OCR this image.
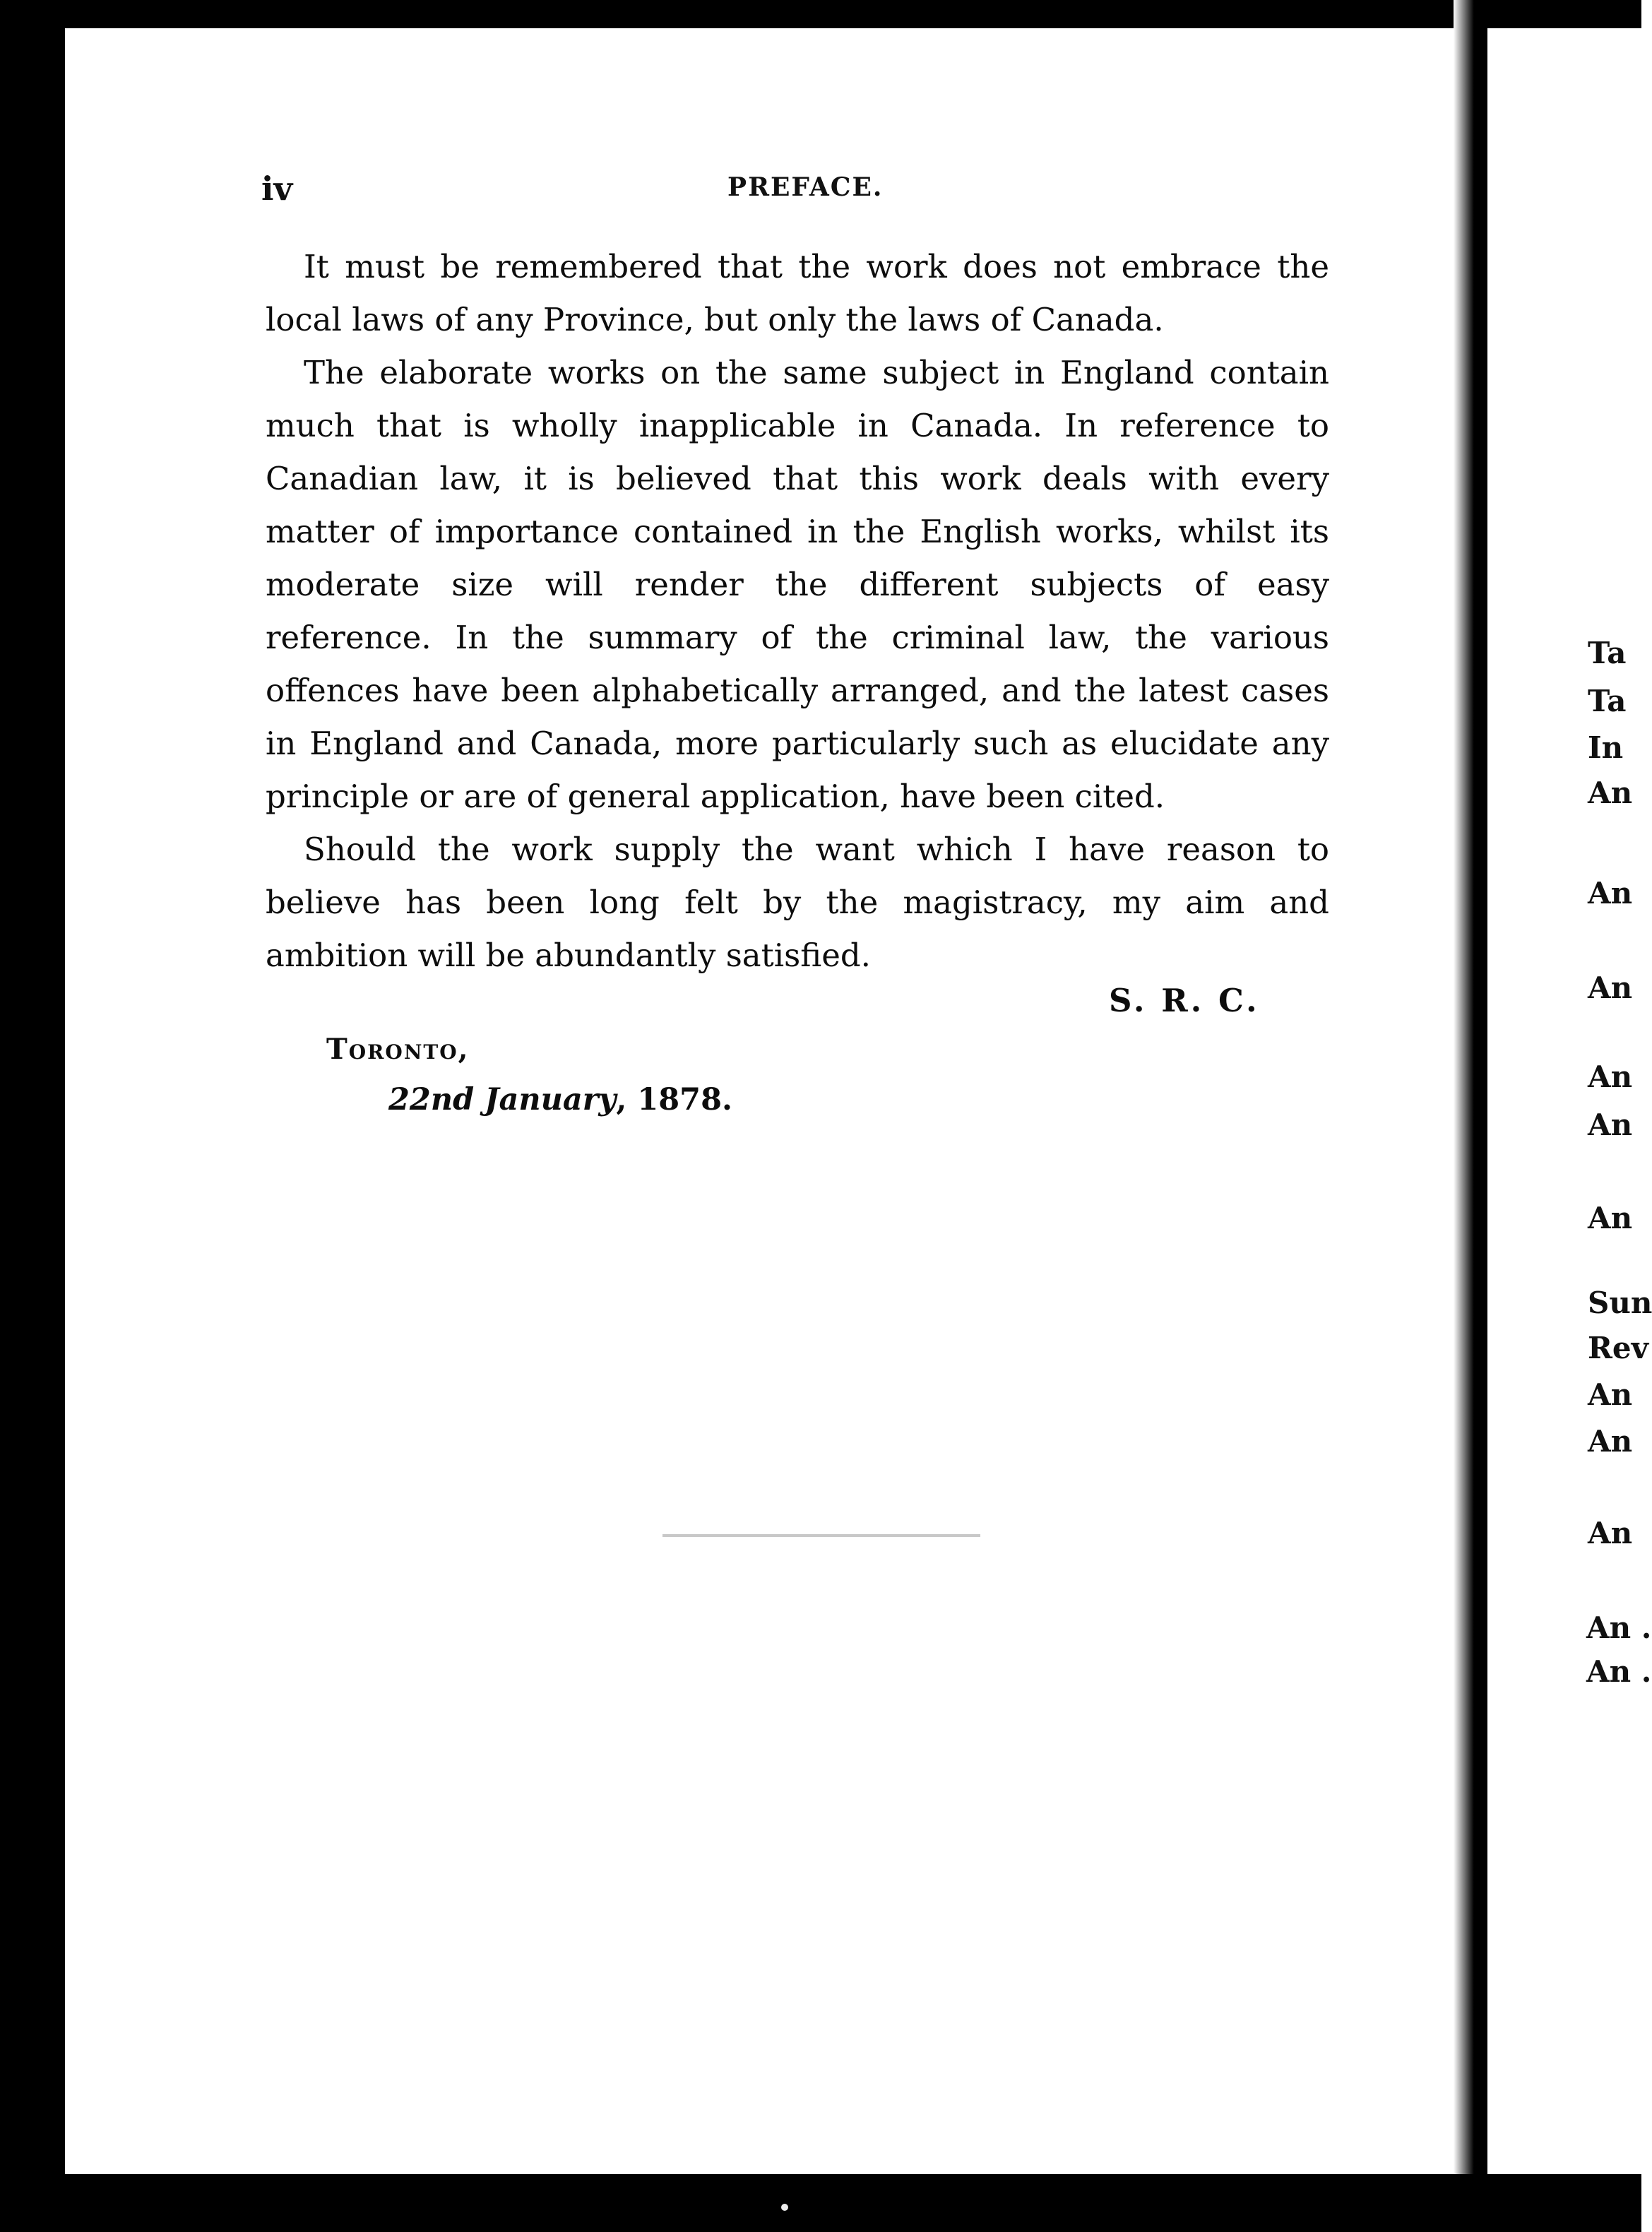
iv	PREFACE.

It must be remembered that the work does not embrace the local laws of any Province, but only the laws of Canada.

The elaborate works on the same subject in England contain much that is wholly inapplicable in Canada. In reference to Canadian law, it is believed that this work deals with every matter of importance contained in the English works, whilst its moderate size will render the different subjects of easy reference. In the summary of the criminal law, the various offences have been alphabetically arranged, and the latest cases in England and Canada, more particularly such as elucidate any principle or are of general application, have been cited.

Should the work supply the want which I have reason to believe has been long felt by the magistracy, my aim and ambition will be abundantly satisfied.

S. R. C.
Toronto,
22nd January, 1878.
Ta
Ta
In
An
An
An
An
An
An
Sun
Rev
An
An
An
An .
An .
